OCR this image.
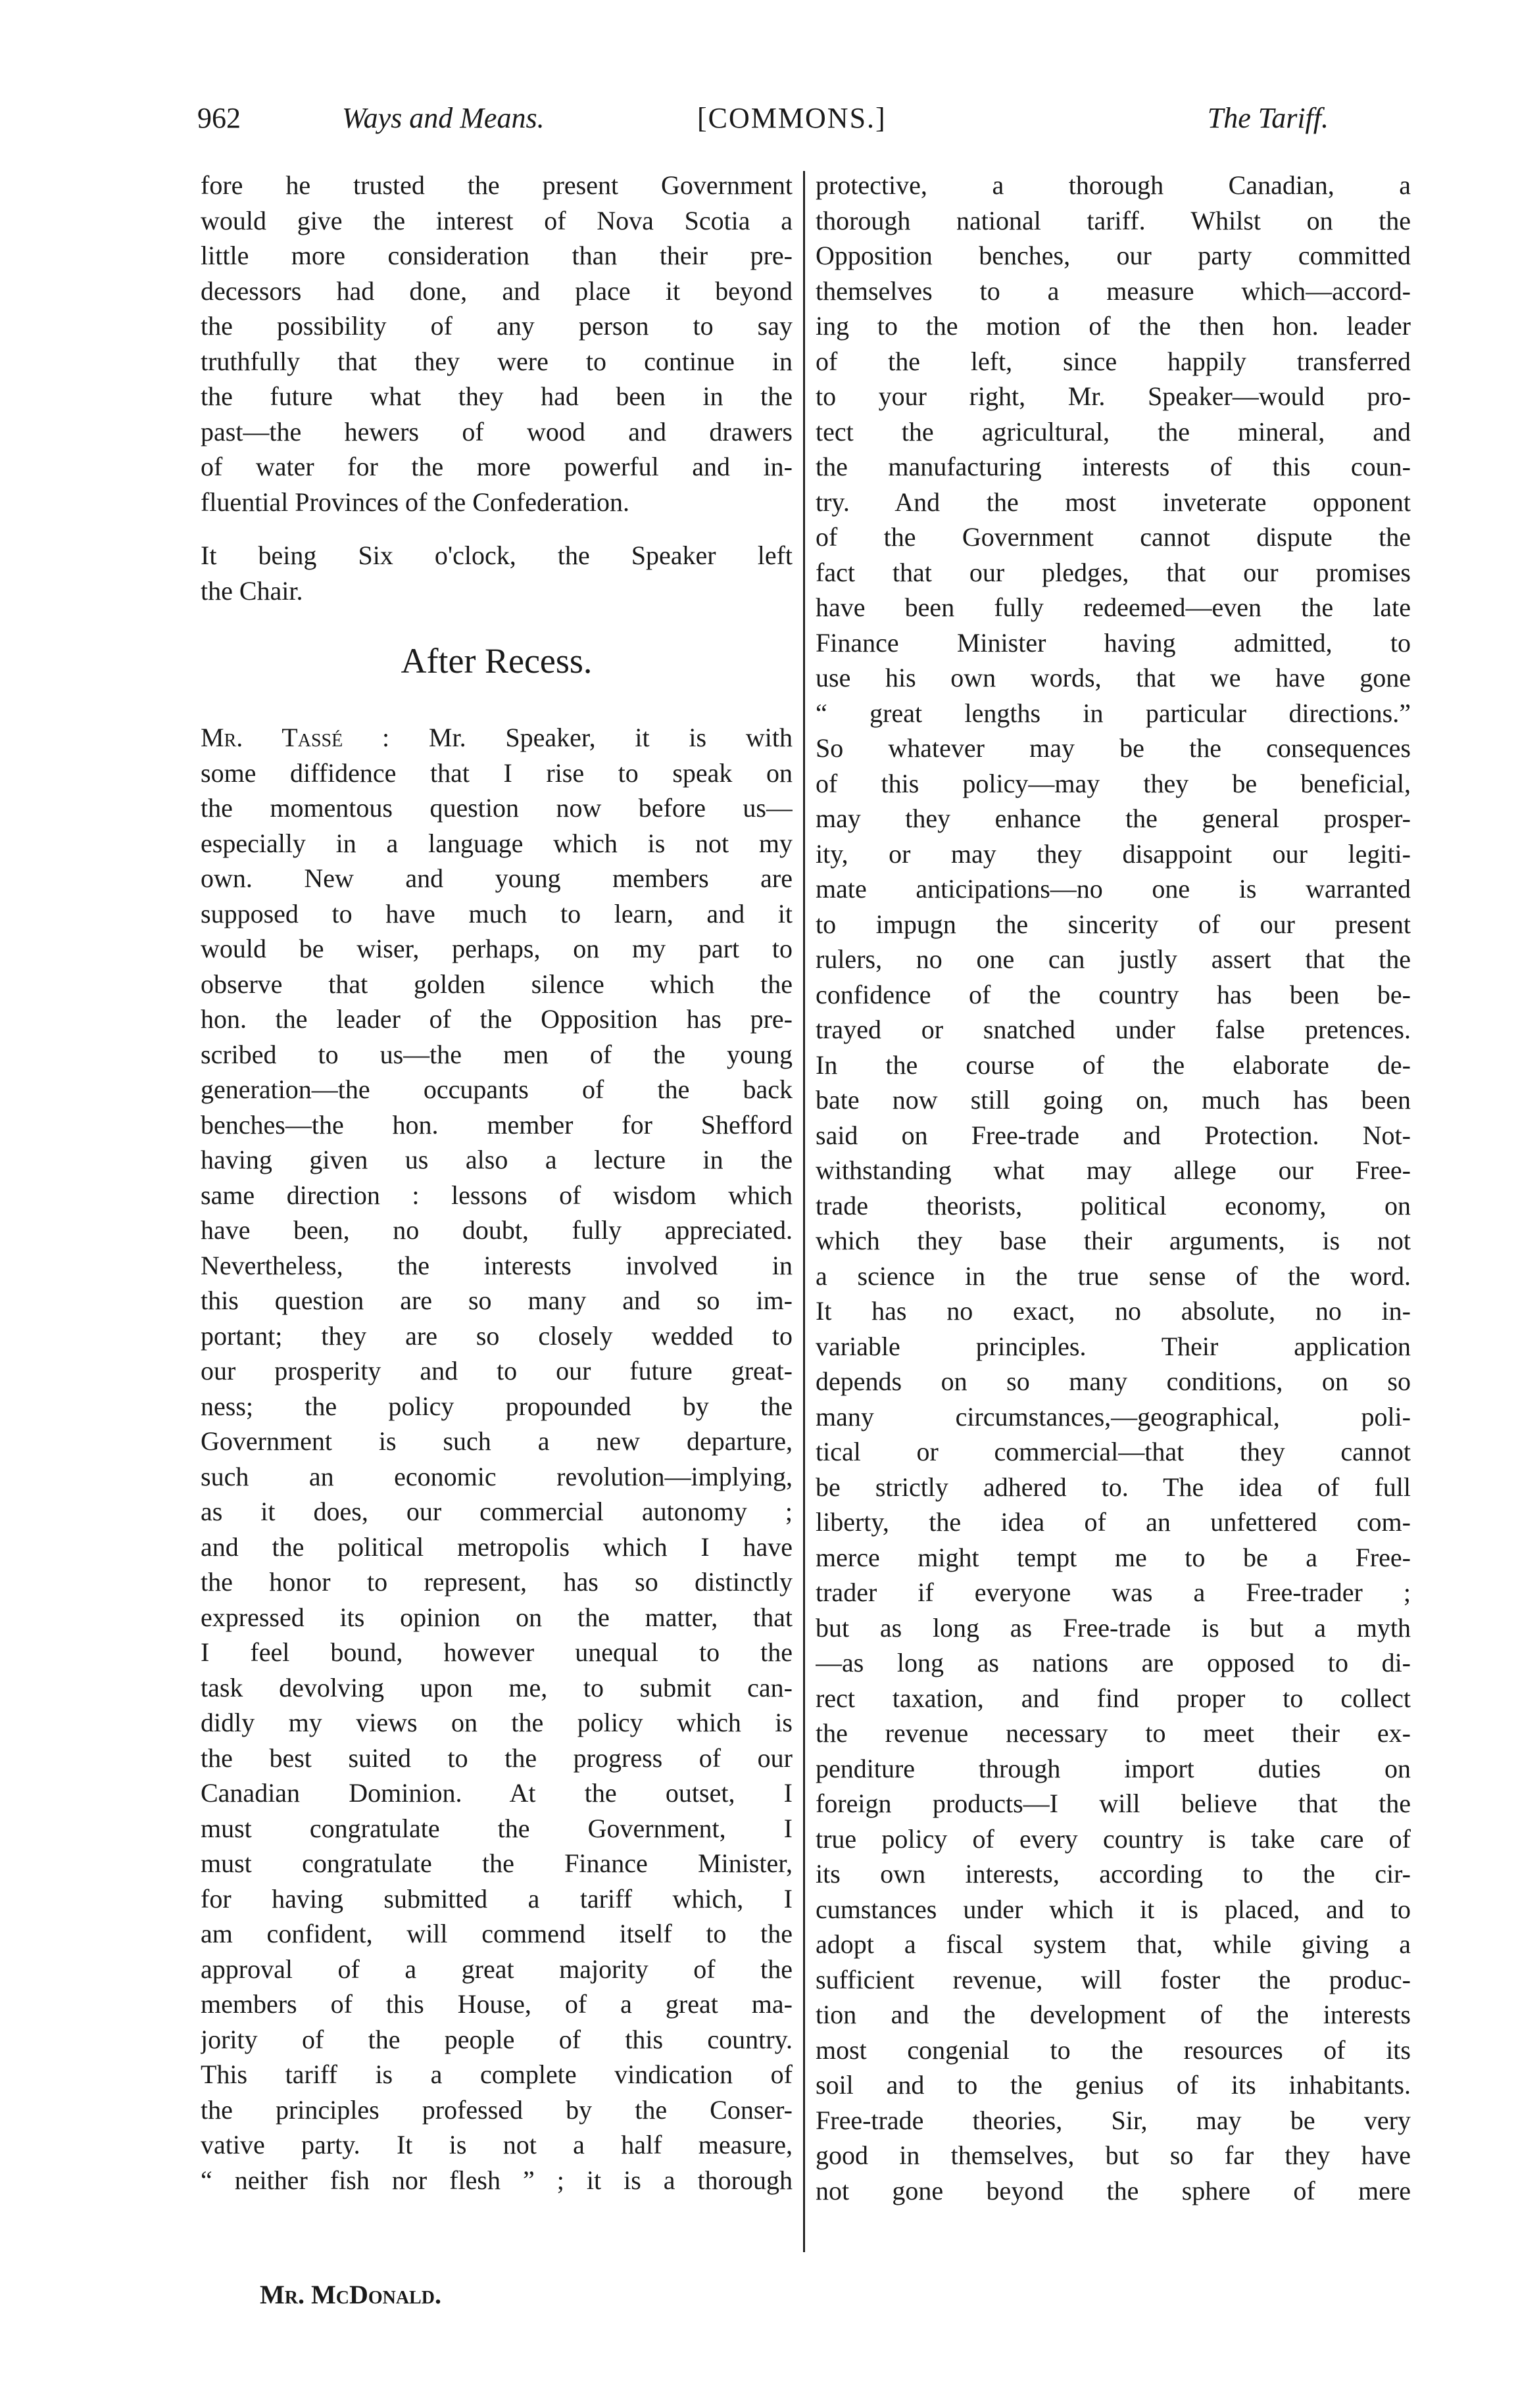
962	Ways and Means.	[COMMONS.]	The Tariff.
fore he trusted the present Government
would give the interest of Nova Scotia a
little more consideration than their pre-
decessors had done, and place it beyond
the possibility of any person to say
truthfully that they were to continue in
the future what they had been in the
past—the hewers of wood and drawers
of water for the more powerful and in-
fluential Provinces of the Confederation.
It being Six o'clock, the Speaker left
the Chair.
After Recess.
Mr. Tassé : Mr. Speaker, it is with
some diffidence that I rise to speak on
the momentous question now before us—
especially in a language which is not my
own. New and young members are
supposed to have much to learn, and it
would be wiser, perhaps, on my part to
observe that golden silence which the
hon. the leader of the Opposition has pre-
scribed to us—the men of the young
generation—the occupants of the back
benches—the hon. member for Shefford
having given us also a lecture in the
same direction : lessons of wisdom which
have been, no doubt, fully appreciated.
Nevertheless, the interests involved in
this question are so many and so im-
portant; they are so closely wedded to
our prosperity and to our future great-
ness; the policy propounded by the
Government is such a new departure,
such an economic revolution—implying,
as it does, our commercial autonomy ;
and the political metropolis which I have
the honor to represent, has so distinctly
expressed its opinion on the matter, that
I feel bound, however unequal to the
task devolving upon me, to submit can-
didly my views on the policy which is
the best suited to the progress of our
Canadian Dominion. At the outset, I
must congratulate the Government, I
must congratulate the Finance Minister,
for having submitted a tariff which, I
am confident, will commend itself to the
approval of a great majority of the
members of this House, of a great ma-
jority of the people of this country.
This tariff is a complete vindication of
the principles professed by the Conser-
vative party. It is not a half measure,
“ neither fish nor flesh ” ; it is a thorough
protective, a thorough Canadian, a
thorough national tariff. Whilst on the
Opposition benches, our party committed
themselves to a measure which—accord-
ing to the motion of the then hon. leader
of the left, since happily transferred
to your right, Mr. Speaker—would pro-
tect the agricultural, the mineral, and
the manufacturing interests of this coun-
try. And the most inveterate opponent
of the Government cannot dispute the
fact that our pledges, that our promises
have been fully redeemed—even the late
Finance Minister having admitted, to
use his own words, that we have gone
“ great lengths in particular directions.”
So whatever may be the consequences
of this policy—may they be beneficial,
may they enhance the general prosper-
ity, or may they disappoint our legiti-
mate anticipations—no one is warranted
to impugn the sincerity of our present
rulers, no one can justly assert that the
confidence of the country has been be-
trayed or snatched under false pretences.
In the course of the elaborate de-
bate now still going on, much has been
said on Free-trade and Protection. Not-
withstanding what may allege our Free-
trade theorists, political economy, on
which they base their arguments, is not
a science in the true sense of the word.
It has no exact, no absolute, no in-
variable principles. Their application
depends on so many conditions, on so
many circumstances,—geographical, poli-
tical or commercial—that they cannot
be strictly adhered to. The idea of full
liberty, the idea of an unfettered com-
merce might tempt me to be a Free-
trader if everyone was a Free-trader ;
but as long as Free-trade is but a myth
—as long as nations are opposed to di-
rect taxation, and find proper to collect
the revenue necessary to meet their ex-
penditure through import duties on
foreign products—I will believe that the
true policy of every country is take care of
its own interests, according to the cir-
cumstances under which it is placed, and to
adopt a fiscal system that, while giving a
sufficient revenue, will foster the produc-
tion and the development of the interests
most congenial to the resources of its
soil and to the genius of its inhabitants.
Free-trade theories, Sir, may be very
good in themselves, but so far they have
not gone beyond the sphere of mere
Mr. McDonald.
